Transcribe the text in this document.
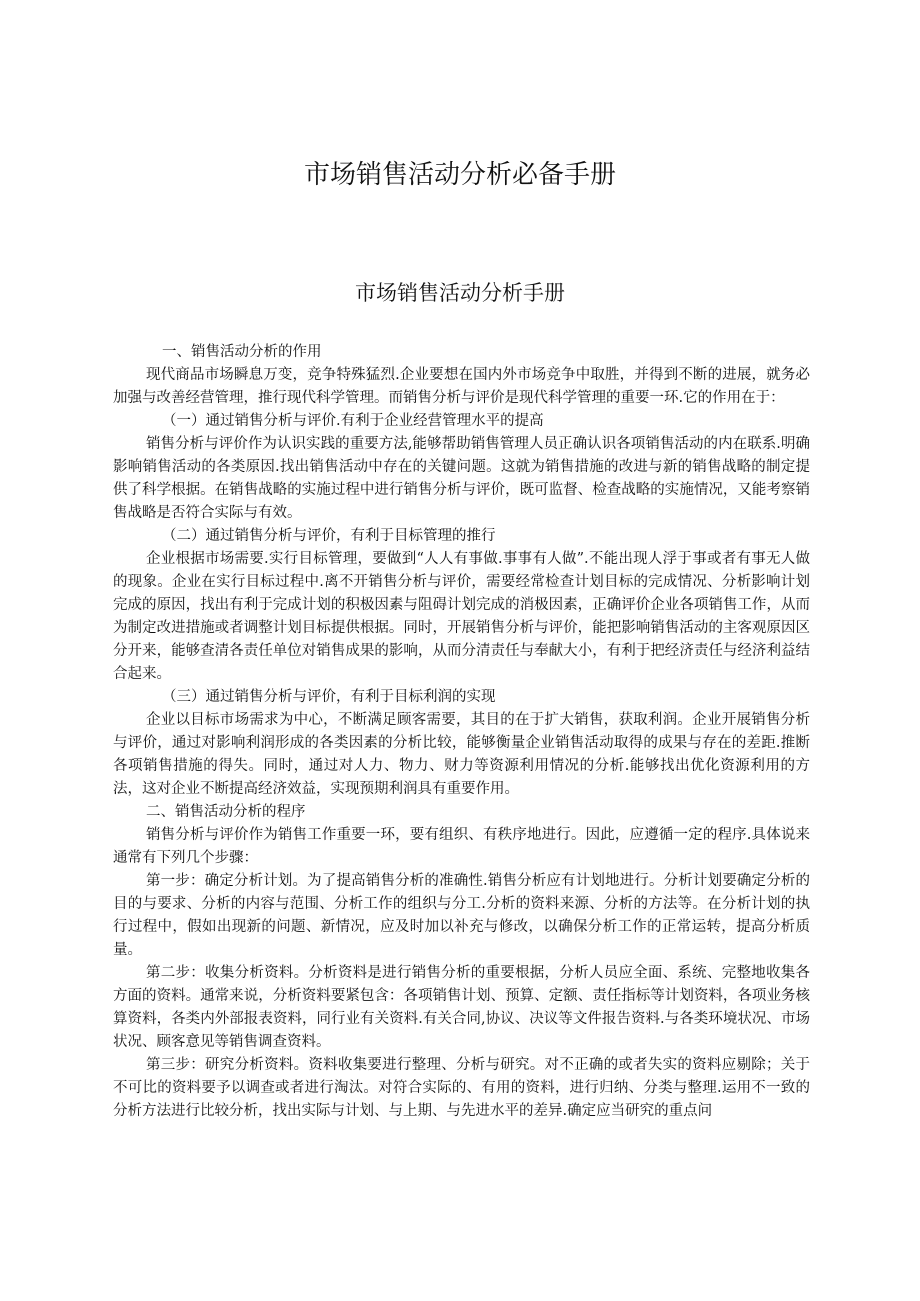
市场销售活动分析必备手册
市场销售活动分析手册

一、销售活动分析的作用

现代商品市场瞬息万变，竞争特殊猛烈.企业要想在国内外市场竞争中取胜，并得到不断的进展，就务必加强与改善经营管理，推行现代科学管理。而销售分析与评价是现代科学管理的重要一环.它的作用在于：

（一）通过销售分析与评价.有利于企业经营管理水平的提高

销售分析与评价作为认识实践的重要方法,能够帮助销售管理人员正确认识各项销售活动的内在联系.明确影响销售活动的各类原因.找出销售活动中存在的关键问题。这就为销售措施的改进与新的销售战略的制定提供了科学根据。在销售战略的实施过程中进行销售分析与评价，既可监督、检查战略的实施情况，又能考察销售战略是否符合实际与有效。

（二）通过销售分析与评价，有利于目标管理的推行

企业根据市场需要.实行目标管理，要做到“人人有事做.事事有人做”.不能出现人浮于事或者有事无人做的现象。企业在实行目标过程中.离不开销售分析与评价，需要经常检查计划目标的完成情况、分析影响计划完成的原因，找出有利于完成计划的积极因素与阻碍计划完成的消极因素，正确评价企业各项销售工作，从而为制定改进措施或者调整计划目标提供根据。同时，开展销售分析与评价，能把影响销售活动的主客观原因区分开来，能够查清各责任单位对销售成果的影响，从而分清责任与奉献大小，有利于把经济责任与经济利益结合起来。

（三）通过销售分析与评价，有利于目标利润的实现

企业以目标市场需求为中心，不断满足顾客需要，其目的在于扩大销售，获取利润。企业开展销售分析与评价，通过对影响利润形成的各类因素的分析比较，能够衡量企业销售活动取得的成果与存在的差距.推断各项销售措施的得失。同时，通过对人力、物力、财力等资源利用情况的分析.能够找出优化资源利用的方法，这对企业不断提高经济效益，实现预期利润具有重要作用。

二、销售活动分析的程序

销售分析与评价作为销售工作重要一环，要有组织、有秩序地进行。因此，应遵循一定的程序.具体说来通常有下列几个步骤：

第一步：确定分析计划。为了提高销售分析的准确性.销售分析应有计划地进行。分析计划要确定分析的目的与要求、分析的内容与范围、分析工作的组织与分工.分析的资料来源、分析的方法等。在分析计划的执行过程中，假如出现新的问题、新情况，应及时加以补充与修改，以确保分析工作的正常运转，提高分析质量。

第二步：收集分析资料。分析资料是进行销售分析的重要根据，分析人员应全面、系统、完整地收集各方面的资料。通常来说，分析资料要紧包含：各项销售计划、预算、定额、责任指标等计划资料，各项业务核算资料，各类内外部报表资料，同行业有关资料.有关合同,协议、决议等文件报告资料.与各类环境状况、市场状况、顾客意见等销售调查资料。

第三步：研究分析资料。资料收集要进行整理、分析与研究。对不正确的或者失实的资料应剔除；关于不可比的资料要予以调查或者进行淘汰。对符合实际的、有用的资料，进行归纳、分类与整理.运用不一致的分析方法进行比较分析，找出实际与计划、与上期、与先进水平的差异.确定应当研究的重点问
